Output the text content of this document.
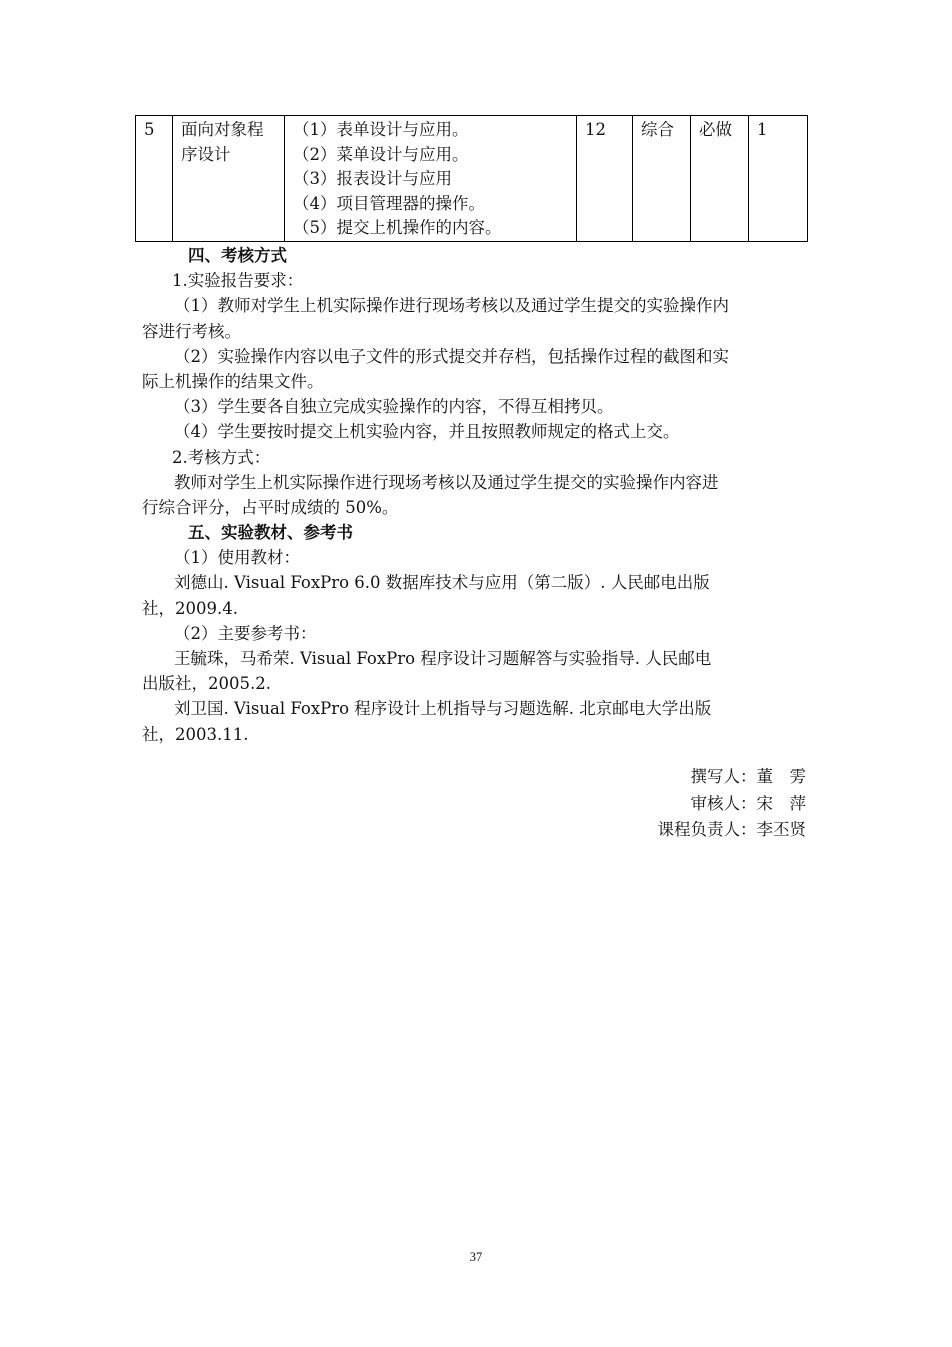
5	面向对象程序设计	
（1）表单设计与应用。
（2）菜单设计与应用。
（3）报表设计与应用
（4）项目管理器的操作。
（5）提交上机操作的内容。
	12	综合	必做	1
四、考核方式
1.实验报告要求：
（1）教师对学生上机实际操作进行现场考核以及通过学生提交的实验操作内
容进行考核。
（2）实验操作内容以电子文件的形式提交并存档，包括操作过程的截图和实
际上机操作的结果文件。
（3）学生要各自独立完成实验操作的内容，不得互相拷贝。
（4）学生要按时提交上机实验内容，并且按照教师规定的格式上交。
2.考核方式：
教师对学生上机实际操作进行现场考核以及通过学生提交的实验操作内容进
行综合评分，占平时成绩的 50%。
五、实验教材、参考书
（1）使用教材：
刘德山. Visual FoxPro 6.0 数据库技术与应用（第二版）. 人民邮电出版
社，2009.4.
（2）主要参考书：
王毓珠，马希荣. Visual FoxPro 程序设计习题解答与实验指导. 人民邮电
出版社，2005.2.
刘卫国. Visual FoxPro 程序设计上机指导与习题选解. 北京邮电大学出版
社，2003.11.
撰写人：董　雱
审核人：宋　萍
课程负责人：李丕贤
37
